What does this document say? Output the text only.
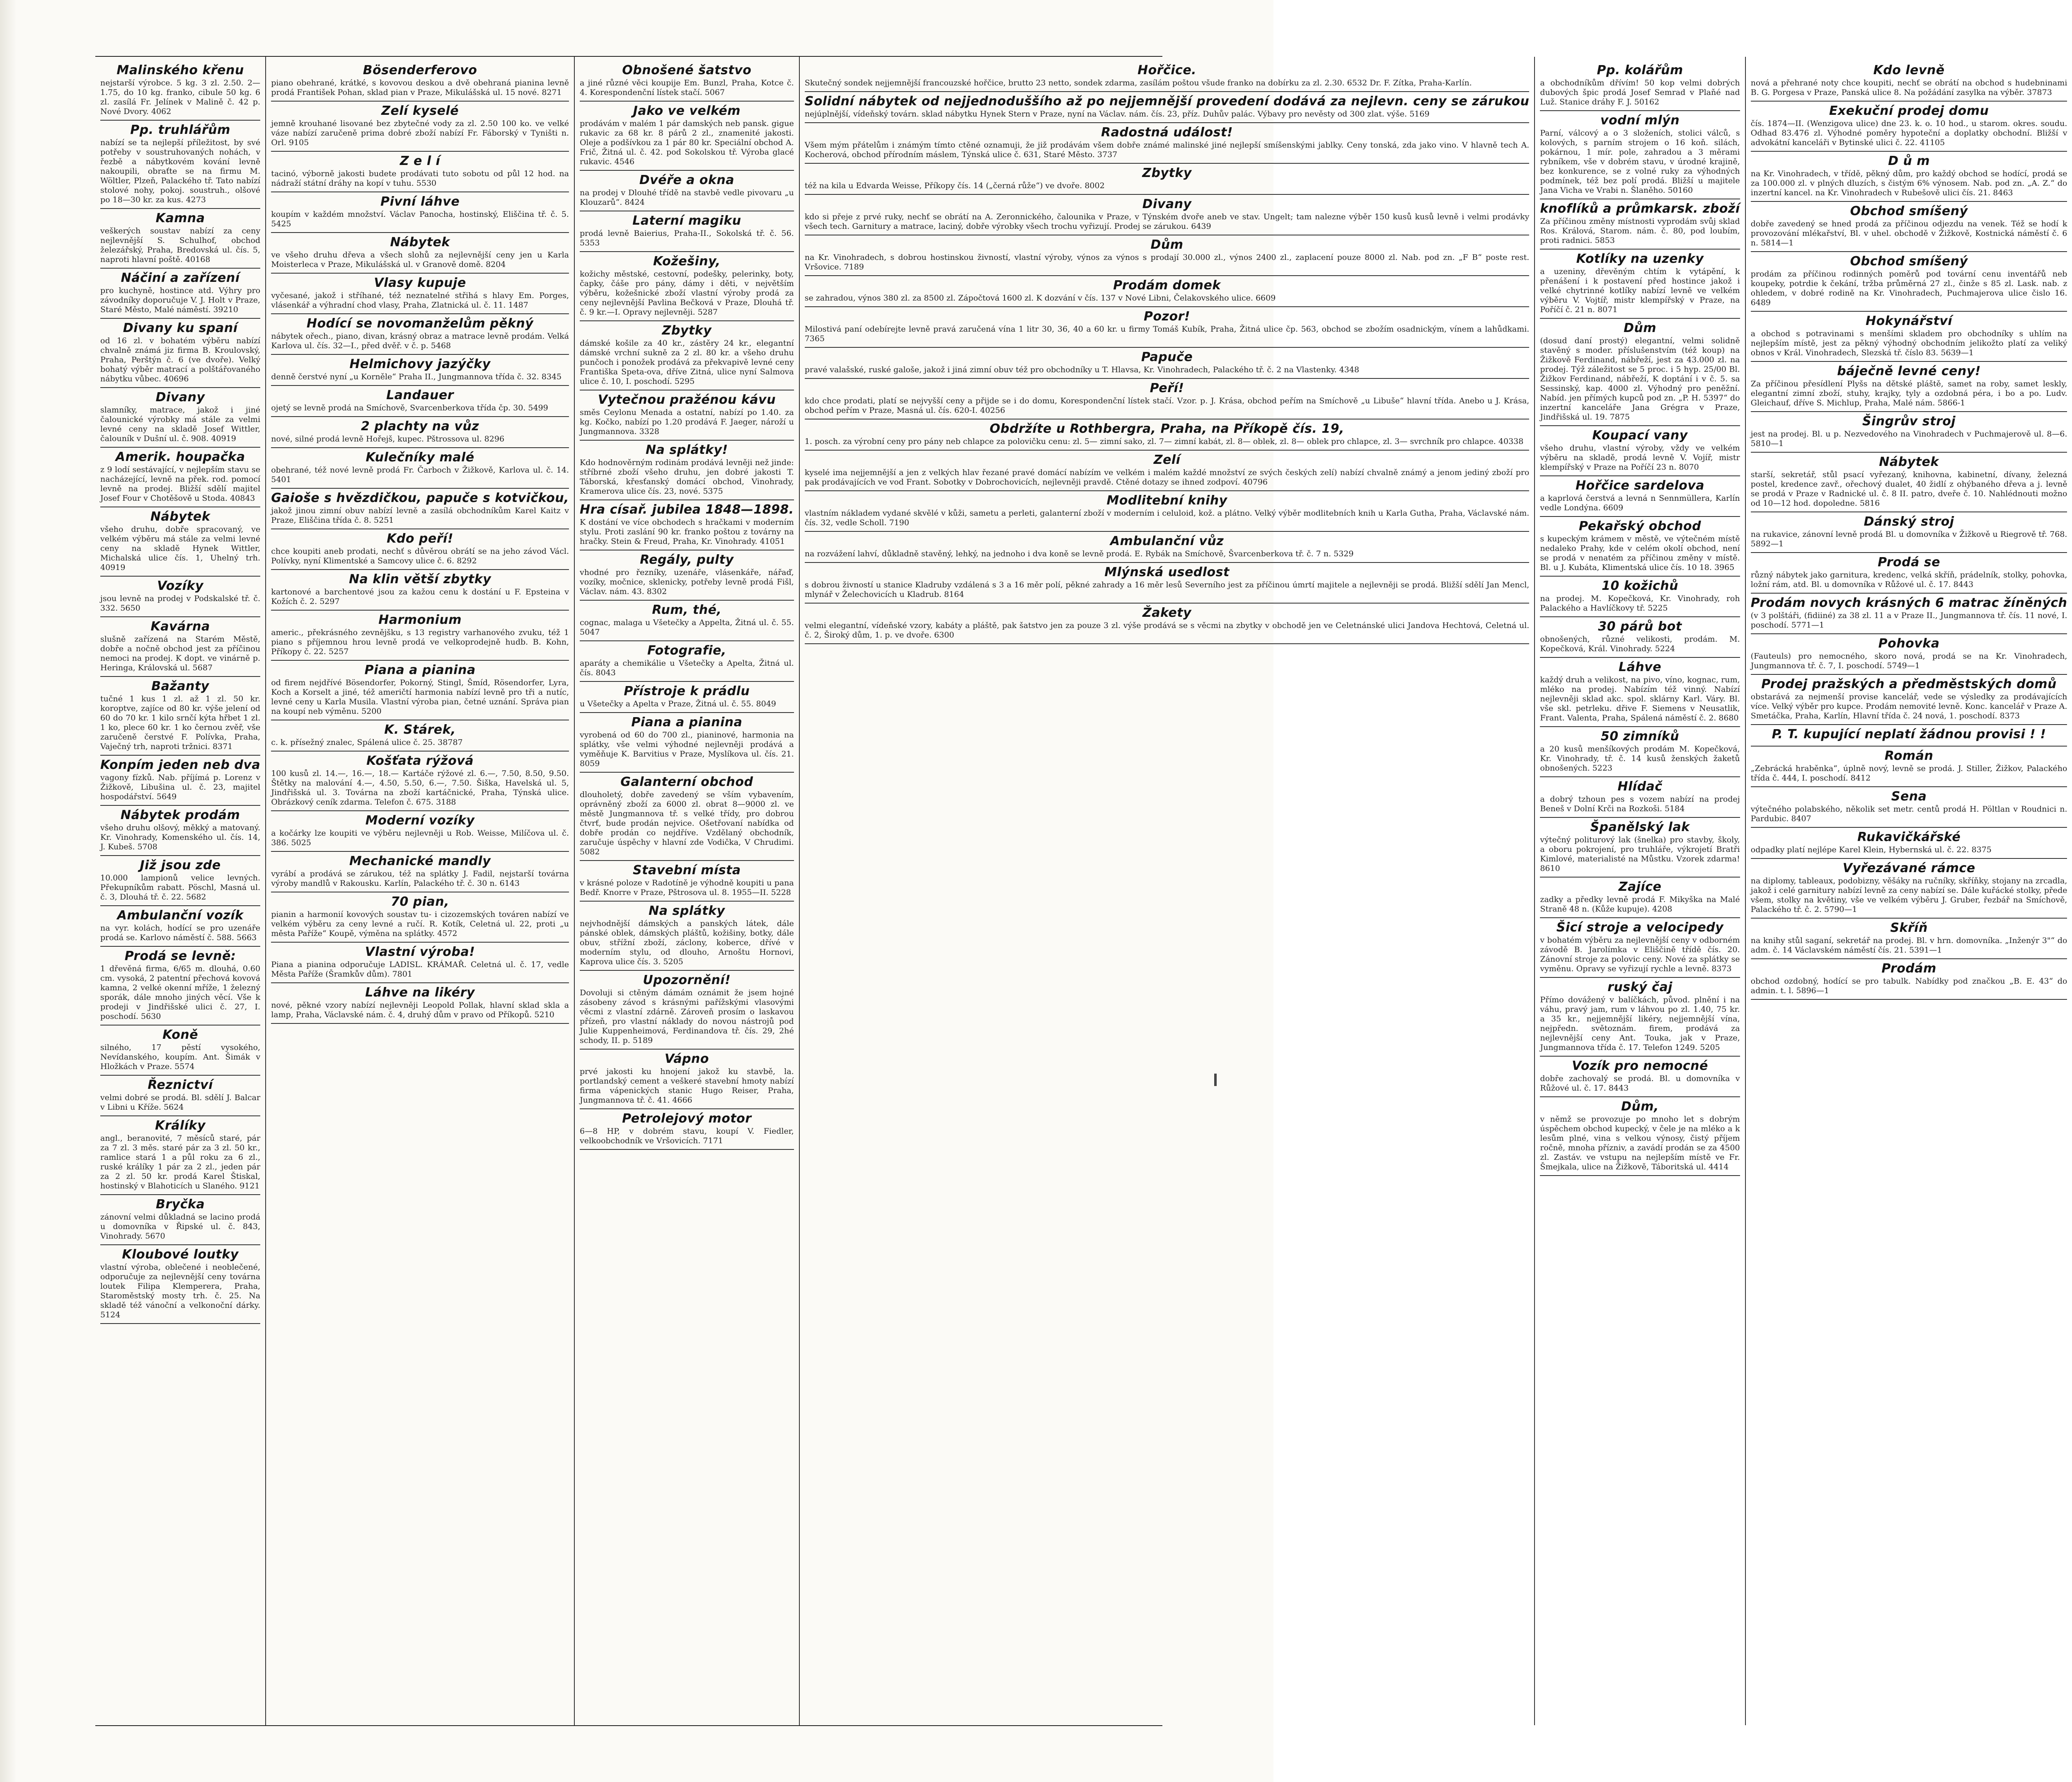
Malinského křenu
nejstarší výrobce. 5 kg. 3 zl. 2.50. 2— 1.75, do 10 kg. franko, cibule 50 kg. 6 zl. zasílá Fr. Jelínek v Malině č. 42 p. Nové Dvory. 4062
Pp. truhlářům
nabízí se ta nejlepší příležitost, by své potřeby v soustruhovaných nohách, v řezbě a nábytkovém kování levně nakoupili, obraťte se na firmu M. Wöltler, Plzeň, Palackého tř. Tato nabízí stolové nohy, pokoj. soustruh., olšové po 18—30 kr. za kus. 4273
Kamna
veškerých soustav nabízí za ceny nejlevnější S. Schulhof, obchod železářský, Praha, Bredovská ul. čís. 5, naproti hlavní poště. 40168
Náčiní a zařízení
pro kuchyně, hostince atd. Výhry pro závodníky doporučuje V. J. Holt v Praze, Staré Město, Malé náměstí. 39210
Divany ku spaní
od 16 zl. v bohatém výběru nabízí chvalně známá jiz firma B. Kroulovský, Praha, Perštýn č. 6 (ve dvoře). Velký bohatý výběr matrací a polštářovaného nábytku vůbec. 40696
Divany
slamníky, matrace, jakož i jiné čalounické výrobky má stále za velmi levné ceny na skladě Josef Wittler, čalouník v Dušní ul. č. 908. 40919
Amerik. houpačka
z 9 lodí sestávající, v nejlepším stavu se nacházející, levně na přek. rod. pomocí levně na prodej. Bližší sdělí majitel Josef Four v Chotěšově u Stoda. 40843
Nábytek
všeho druhu, dobře spracovaný, ve velkém výběru má stále za velmi levné ceny na skladě Hynek Wittler, Michalská ulice čís. 1, Uhelný trh. 40919
Vozíky
jsou levně na prodej v Podskalské tř. č. 332. 5650
Kavárna
slušně zařízená na Starém Městě, dobře a nočně obchod jest za příčinou nemoci na prodej. K dopt. ve vinárně p. Heringa, Královská ul. 5687
Bažanty
tučné 1 kus 1 zl. až 1 zl. 50 kr. koroptve, zajíce od 80 kr. výše jelení od 60 do 70 kr. 1 kilo srnčí kýta hřbet 1 zl. 1 ko, plece 60 kr. 1 ko černou zvěř, vše zaručeně čerstvé F. Polívka, Praha, Vaječný trh, naproti tržnici. 8371
Konpím jeden neb dva
vagony fízků. Nab. příjímá p. Lorenz v Žižkově, Libušina ul. č. 23, majitel hospodářství. 5649
Nábytek prodám
všeho druhu olšový, měkký a matovaný. Kr. Vinohrady, Komenského ul. čís. 14, J. Kubeš. 5708
Již jsou zde
10.000 lampionů velice levných. Překupníkům rabatt. Pöschl, Masná ul. č. 3, Dlouhá tř. č. 22. 5682
Ambulanční vozík
na vyr. kolách, hodící se pro uzenáře prodá se. Karlovo náměstí č. 588. 5663
Prodá se levně:
1 dřevěná firma, 6/65 m. dlouhá, 0.60 cm. vysoká, 2 patentní přechová kovová kamna, 2 velké okenní mříže, 1 železný sporák, dále mnoho jiných věcí. Vše k prodeji v Jindřišské ulici č. 27, I. poschodí. 5630
Koně
silného, 17 pěstí vysokého, Nevídanského, koupím. Ant. Šimák v Hložkách v Praze. 5574
Řeznictví
velmi dobré se prodá. Bl. sdělí J. Balcar v Libni u Kříže. 5624
Králíky
angl., beranovité, 7 měsíců staré, pár za 7 zl. 3 měs. staré pár za 3 zl. 50 kr., ramlice stará 1 a půl roku za 6 zl., ruské králíky 1 pár za 2 zl., jeden pár za 2 zl. 50 kr. prodá Karel Štiskal, hostinský v Blahoticích u Slaného. 9121
Bryčka
zánovní velmi důkladná se lacino prodá u domovníka v Řipské ul. č. 843, Vinohrady. 5670
Kloubové loutky
vlastní výroba, oblečené i neoblečené, odporučuje za nejlevnější ceny továrna loutek Filipa Klemperera, Praha, Staroměstský mosty trh. č. 25. Na skladě též vánoční a velkonoční dárky. 5124
Bösenderferovo
piano obehrané, krátké, s kovovou deskou a dvě obehraná pianina levně prodá František Pohan, sklad pian v Praze, Mikulášská ul. 15 nové. 8271
Zelí kyselé
jemně krouhané lisované bez zbytečné vody za zl. 2.50 100 ko. ve velké váze nabízí zaručeně prima dobré zboží nabízí Fr. Fáborský v Tyništi n. Orl. 9105
Z e l í
tacinó, výborně jakosti budete prodávati tuto sobotu od půl 12 hod. na nádraží státní dráhy na kopí v tuhu. 5530
Pivní láhve
koupím v každém množství. Václav Panocha, hostinský, Eliščina tř. č. 5. 5425
Nábytek
ve všeho druhu dřeva a všech slohů za nejlevnější ceny jen u Karla Moisterleca v Praze, Mikulášská ul. v Granově domě. 8204
Vlasy kupuje
vyčesané, jakož i stříhané, též neznatelné střihá s hlavy Em. Porges, vlásenkář a výhradní chod vlasy, Praha, Zlatnická ul. č. 11. 1487
Hodící se novomanželům pěkný
nábytek ořech., piano, divan, krásný obraz a matrace levně prodám. Velká Karlova ul. čís. 32—I., před dvěř. v č. p. 5468
Helmichovy jazýčky
denně čerstvé nyní „u Korněle“ Praha II., Jungmannova třída č. 32. 8345
Landauer
ojetý se levně prodá na Smíchově, Svarcenberkova třída čp. 30. 5499
2 plachty na vůz
nové, silné prodá levně Hořejš, kupec. Pštrossova ul. 8296
Kulečníky malé
obehrané, též nové levně prodá Fr. Čarboch v Žižkově, Karlova ul. č. 14. 5401
Gaioše s hvězdičkou, papuče s kotvičkou,
jakož jinou zimní obuv nabízí levně a zasílá obchodníkům Karel Kaitz v Praze, Eliščina třída č. 8. 5251
Kdo peří!
chce koupiti aneb prodati, nechť s důvěrou obrátí se na jeho závod Václ. Polívky, nyní Klimentské a Samcovy ulice č. 6. 8292
Na klin větší zbytky
kartonové a barchentové jsou za kažou cenu k dostání u F. Epsteina v Kožích č. 2. 5297
Harmonium
americ., překrásného zevnějšku, s 13 registry varhanového zvuku, též 1 piano s příjemnou hrou levně prodá ve velkoprodejně hudb. B. Kohn, Příkopy č. 22. 5257
Piana a pianina
od firem nejdřívé Bösendorfer, Pokorný, Stingl, Šmíd, Rösendorfer, Lyra, Koch a Korselt a jiné, též američtí harmonia nabízí levně pro tři a nutíc, levné ceny u Karla Musila. Vlastní výroba pian, četné uznání. Správa pian na koupí neb výměnu. 5200
K. Stárek,
c. k. přísežný znalec, Spálená ulice č. 25. 38787
Košťata rýžová
100 kusů zl. 14.—, 16.—, 18.— Kartáče rýžové zl. 6.—, 7.50, 8.50, 9.50. Štětky na malování 4.—, 4.50, 5.50, 6.—, 7.50. Šiška, Havelská ul. 5, Jindřišská ul. 3. Továrna na zboží kartáčnické, Praha, Týnská ulice. Obrázkový ceník zdarma. Telefon č. 675. 3188
Moderní vozíky
a kočárky lze koupiti ve výběru nejlevněji u Rob. Weisse, Milíčova ul. č. 386. 5025
Mechanické mandly
vyrábí a prodává se zárukou, též na splátky J. Fadil, nejstarší továrna výroby mandlů v Rakousku. Karlín, Palackého tř. č. 30 n. 6143
70 pian,
pianin a harmonií kovových soustav tu- i cizozemských továren nabízí ve velkém výběru za ceny levné a ručí. R. Kotík, Celetná ul. 22, proti „u města Paříže“ Koupě, výměna na splátky. 4572
Vlastní výroba!
Piana a pianina odporučuje LADISL. KRÁMAŘ. Celetná ul. č. 17, vedle Města Paříže (Šramkův dům). 7801
Láhve na likéry
nové, pěkné vzory nabízí nejlevněji Leopold Pollak, hlavní sklad skla a lamp, Praha, Václavské nám. č. 4, druhý dům v pravo od Příkopů. 5210
Obnošené šatstvo
a jiné různé věci koupije Em. Bunzl, Praha, Kotce č. 4. Korespondenční lístek stačí. 5067
Jako ve velkém
prodávám v malém 1 pár damských neb pansk. gigue rukavic za 68 kr. 8 párů 2 zl., znamenité jakosti. Oleje a podšívkou za 1 pár 80 kr. Speciální obchod A. Frič, Žitná ul. č. 42. pod Sokolskou tř. Výroba glacé rukavic. 4546
Dvéře a okna
na prodej v Dlouhé třídě na stavbě vedle pivovaru „u Klouzarů“. 8424
Laterní magiku
prodá levně Baierius, Praha-II., Sokolská tř. č. 56. 5353
Kožešiny,
kožichy městské, cestovní, podešky, pelerinky, boty, čapky, čáše pro pány, dámy i děti, v největším výběru, kožešnické zboží vlastní výroby prodá za ceny nejlevnější Pavlina Bečková v Praze, Dlouhá tř. č. 9 kr.—I. Opravy nejlevněji. 5287
Zbytky
dámské košile za 40 kr., zástěry 24 kr., elegantní dámské vrchní sukně za 2 zl. 80 kr. a všeho druhu punčoch i ponožek prodává za překvapivě levné ceny Františka Speta-ova, dříve Zitná, ulice nyní Salmova ulice č. 10, I. poschodí. 5295
Vytečnou pražénou kávu
směs Ceylonu Menada a ostatní, nabízí po 1.40. za kg. Kočko, nabízí po 1.20 prodává F. Jaeger, nároží u Jungmannova. 3328
Na splátky!
Kdo hodnověrným rodinám prodává levněji než jinde: stříbrné zboží všeho druhu, jen dobré jakosti T. Táborská, křesťanský domácí obchod, Vinohrady, Kramerova ulice čís. 23, nové. 5375
Hra císař. jubilea 1848—1898.
K dostání ve více obchodech s hračkami v moderním stylu. Proti zaslání 90 kr. franko poštou z továrny na hračky. Stein & Freud, Praha, Kr. Vinohrady. 41051
Regály, pulty
vhodné pro řezníky, uzenáře, vlásenkáře, nářaď, vozíky, močnice, sklenicky, potřeby levně prodá Fišl, Václav. nám. 43. 8302
Rum, thé,
cognac, malaga u Všetečky a Appelta, Žitná ul. č. 55. 5047
Fotografie,
aparáty a chemikálie u Všetečky a Apelta, Žitná ul. čís. 8043
Přístroje k prádlu
u Všetečky a Apelta v Praze, Žitná ul. č. 55. 8049
Piana a pianina
vyrobená od 60 do 700 zl., pianinové, harmonia na splátky, vše velmi výhodné nejlevněji prodává a vyměňuje K. Barvitius v Praze, Myslíkova ul. čís. 21. 8059
Galanterní obchod
dlouholetý, dobře zavedený se vším vybavením, oprávněný zboží za 6000 zl. obrat 8—9000 zl. ve městě Jungmannova tř. s velké třídy, pro dobrou čtvrť, bude prodán nejvice. Ošetřovaní nabídka od dobře prodán co nejdříve. Vzdělaný obchodník, zaručuje úspěchy v hlavní zde Vodička, V Chrudimi. 5082
Stavební místa
v krásné poloze v Radotíně je výhodně koupiti u pana Bedř. Knorre v Praze, Pštrosova ul. 8. 1955—II. 5228
Na splátky
nejvhodnější dámských a panských látek, dále pánské oblek, dámských pláštů, kožišiny, botky, dále obuv, střížní zboží, záclony, koberce, dřívé v moderním stylu, od dlouho, Arnoštu Hornovi, Kaprova ulice čís. 3. 5205
Upozornění!
Dovoluji si ctěným dámám oznámit že jsem hojné zásobeny závod s krásnými pařížskými vlasovými věcmi z vlastní zdárně. Zároveň prosím o laskavou přízeň, pro vlastní náklady do novou nástrojů pod Julie Kuppenheimová, Ferdinandova tř. čís. 29, 2hé schody, II. p. 5189
Vápno
prvé jakosti ku hnojení jakož ku stavbě, la. portlandský cement a veškeré stavební hmoty nabízí firma vápenických stanic Hugo Reiser, Praha, Jungmannova tř. č. 41. 4666
Petrolejový motor
6—8 HP, v dobrém stavu, koupí V. Fiedler, velkoobchodník ve Vršovicích. 7171
Hořčice.
Skutečný sondek nejjemnější francouzské hořčice, brutto 23 netto, sondek zdarma, zasílám poštou všude franko na dobírku za zl. 2.30. 6532 Dr. F. Zítka, Praha-Karlín.
Solidní nábytek od nejjednoduššího až po nejjemnější provedení dodává za nejlevn. ceny se zárukou
nejúplnější, vídeňský továrn. sklad nábytku Hynek Stern v Praze, nyní na Václav. nám. čís. 23, příz. Duhův palác. Výbavy pro nevěsty od 300 zlat. výše. 5169
Radostná událost!
Všem mým přátelům i známým tímto ctěné oznamuji, že již prodávám všem dobře známé malinské jiné nejlepší smíšenskými jablky. Ceny tonská, zda jako vino. V hlavně tech A. Kocherová, obchod přírodním máslem, Týnská ulice č. 631, Staré Město. 3737
Zbytky
též na kila u Edvarda Weisse, Příkopy čís. 14 („černá růže“) ve dvoře. 8002
Divany
kdo si přeje z prvé ruky, nechť se obrátí na A. Zeronnického, čalounika v Praze, v Týnském dvoře aneb ve stav. Ungelt; tam nalezne výběr 150 kusů kusů levně i velmi prodávky všech tech. Garnitury a matrace, laciný, dobře výrobky všech trochu vyřizují. Prodej se zárukou. 6439
Dům
na Kr. Vinohradech, s dobrou hostinskou živností, vlastní výroby, výnos za výnos s prodají 30.000 zl., výnos 2400 zl., zaplacení pouze 8000 zl. Nab. pod zn. „F B“ poste rest. Vršovice. 7189
Prodám domek
se zahradou, výnos 380 zl. za 8500 zl. Zápočtová 1600 zl. K dozvání v čís. 137 v Nové Libni, Čelakovského ulice. 6609
Pozor!
Milostivá paní odebírejte levně pravá zaručená vína 1 litr 30, 36, 40 a 60 kr. u firmy Tomáš Kubík, Praha, Žitná ulice čp. 563, obchod se zbožím osadnickým, vínem a lahůdkami. 7365
Papuče
pravé valašské, ruské galoše, jakož i jiná zimní obuv též pro obchodníky u T. Hlavsa, Kr. Vinohradech, Palackého tř. č. 2 na Vlastenky. 4348
Peří!
kdo chce prodati, platí se nejvyšší ceny a přijde se i do domu, Korespondenční lístek stačí. Vzor. p. J. Krása, obchod peřím na Smíchově „u Libuše“ hlavní třída. Anebo u J. Krása, obchod peřím v Praze, Masná ul. čís. 620-I. 40256
Obdržíte u Rothbergra, Praha, na Příkopě čís. 19,
1. posch. za výrobní ceny pro pány neb chlapce za polovičku cenu: zl. 5— zimní sako, zl. 7— zimní kabát, zl. 8— oblek, zl. 8— oblek pro chlapce, zl. 3— svrchník pro chlapce. 40338
Zelí
kyselé ima nejjemnější a jen z velkých hlav řezané pravé domácí nabízím ve velkém i malém každé množství ze svých českých zelí) nabízí chvalně známý a jenom jediný zboží pro pak prodávajících ve vod Frant. Sobotky v Dobrochovicích, nejlevněji pravdě. Ctěné dotazy se ihned zodpoví. 40796
Modlitební knihy
vlastním nákladem vydané skvělé v kůži, sametu a perleti, galanterní zboží v moderním i celuloid, kož. a plátno. Velký výběr modlitebních knih u Karla Gutha, Praha, Václavské nám. čís. 32, vedle Scholl. 7190
Ambulanční vůz
na rozvážení lahví, důkladně stavěný, lehký, na jednoho i dva koně se levně prodá. E. Rybák na Smíchově, Švarcenberkova tř. č. 7 n. 5329
Mlýnská usedlost
s dobrou živností u stanice Kladruby vzdálená s 3 a 16 měr polí, pěkné zahrady a 16 měr lesů Severního jest za příčinou úmrtí majitele a nejlevněji se prodá. Bližší sdělí Jan Mencl, mlynář v Želechovicích u Kladrub. 8164
Žakety
velmi elegantní, vídeňské vzory, kabáty a pláště, pak šatstvo jen za pouze 3 zl. výše prodává se s věcmi na zbytky v obchodě jen ve Celetnánské ulici Jandova Hechtová, Celetná ul. č. 2, Široký dům, 1. p. ve dvoře. 6300
Pp. kolářům
a obchodníkům dřívím! 50 kop velmi dobrých dubových špic prodá Josef Semrad v Plaňé nad Luž. Stanice dráhy F. J. 50162
vodní mlýn
Parní, válcový a o 3 složeních, stolici válců, s kolových, s parním strojem o 16 koň. silách, pokárnou, 1 mír. pole, zahradou a 3 měrami rybníkem, vše v dobrém stavu, v úrodné krajině, bez konkurence, se z volné ruky za výhodných podmínek, též bez polí prodá. Bližší u majitele Jana Vicha ve Vrabi n. Šlaněho. 50160
knoflíků a průmkarsk. zboží
Za příčinou změny místnosti vyprodám svůj sklad Ros. Králová, Starom. nám. č. 80, pod loubím, proti radnici. 5853
Kotlíky na uzenky
a uzeniny, dřevěným chtím k vytápění, k přenášení i k postavení před hostince jakož i velké chytrinné kotlíky nabízí levně ve velkém výběru V. Vojtíř, mistr klempířský v Praze, na Poříčí č. 21 n. 8071
Dům
(dosud daní prostý) elegantní, velmi solidně stavěný s moder. příslušenstvím (též koup) na Žižkově Ferdinand, nábřeží, jest za 43.000 zl. na prodej. Týž záležitost se 5 proc. i 5 hyp. 25/00 Bl. Žižkov Ferdinand, nábřeží, K doptání i v č. 5. sa Sessinský, kap. 4000 zl. Výhodný pro peněžní. Nabíd. jen přímých kupců pod zn. „P. H. 5397“ do inzertní kanceláře Jana Grégra v Praze, Jindřišská ul. 19. 7875
Koupací vany
všeho druhu, vlastní výroby, vždy ve velkém výběru na skladě, prodá levně V. Vojíř, mistr klempířský v Praze na Poříčí 23 n. 8070
Hořčice sardelova
a kaprlová čerstvá a levná n Sennmüllera, Karlín vedle Londýna. 6609
Pekařský obchod
s kupeckým krámem v městě, ve výtečném místě nedaleko Prahy, kde v celém okolí obchod, není se prodá v nenatém za příčinou změny v místě. Bl. u J. Kubáta, Klimentská ulice čís. 10 18. 3965
10 kožichů
na prodej. M. Kopečková, Kr. Vinohrady, roh Palackého a Havlíčkovy tř. 5225
30 párů bot
obnošených, různé velikosti, prodám. M. Kopečková, Král. Vinohrady. 5224
Láhve
každý druh a velikost, na pivo, víno, kognac, rum, mléko na prodej. Nabízím též vinný. Nabízí nejlevněji sklad akc. spol. sklárny Karl. Váry. Bl. vše skl. petrleku. dřive F. Siemens v Neusatlik, Frant. Valenta, Praha, Spálená náměstí č. 2. 8680
50 zimníků
a 20 kusů menšíkových prodám M. Kopečková, Kr. Vinohrady, tř. č. 14 kusů ženských žaketů obnošených. 5223
Hlídač
a dobrý tzhoun pes s vozem nabízí na prodej Beneš v Dolní Krči na Rozkoši. 5184
Španělský lak
výtečný politurový lak (šnelka) pro stavby, školy, a oboru pokrojení, pro truhláře, výkrojetí Bratři Kimlové, materialisté na Můstku. Vzorek zdarma! 8610
Zajíce
zadky a předky levně prodá F. Mikyška na Malé Straně 48 n. (Kůže kupuje). 4208
Šicí stroje a velocipedy
v bohatém výběru za nejlevnější ceny v odborném závodě B. Jarolímka v Eliščině třídě čís. 20. Zánovní stroje za polovic ceny. Nové za splátky se vyměnu. Opravy se vyřizují rychle a levně. 8373
ruský čaj
Přímo dovážený v balíčkách, původ. plnění i na váhu, pravý jam, rum v láhvou po zl. 1.40, 75 kr. a 35 kr., nejjemnější likéry, nejjemnější vína, nejpředn. světoznám. firem, prodává za nejlevnější ceny Ant. Touka, jak v Praze, Jungmannova třída č. 17. Telefon 1249. 5205
Vozík pro nemocné
dobře zachovalý se prodá. Bl. u domovníka v Růžové ul. č. 17. 8443
Dům,
v němž se provozuje po mnoho let s dobrým úspěchem obchod kupecký, v čele je na mléko a k lesům plné, vina s velkou výnosy, čistý příjem ročně, mnoha přízniv, a zavádí prodán se za 4500 zl. Zastáv. ve vstupu na nejlepším místě ve Fr. Šmejkala, ulice na Žižkově, Táboritská ul. 4414
Kdo levně
nová a přehrané noty chce koupiti, nechť se obrátí na obchod s hudebninami B. G. Porgesa v Praze, Panská ulice 8. Na požádání zasylka na výběr. 37873
Exekuční prodej domu
čís. 1874—II. (Wenzigova ulice) dne 23. k. o. 10 hod., u starom. okres. soudu. Odhad 83.476 zl. Výhodné poměry hypoteční a doplatky obchodní. Bližší v advokátní kanceláři v Bytinské ulici č. 22. 41105
D ů m
na Kr. Vinohradech, v třídě, pěkný dům, pro každý obchod se hodící, prodá se za 100.000 zl. v plných dluzích, s čistým 6% výnosem. Nab. pod zn. „A. Z.“ do inzertní kancel. na Kr. Vinohradech v Rubešově ulici čís. 21. 8463
Obchod smíšený
dobře zavedený se hned prodá za příčinou odjezdu na venek. Též se hodí k provozování mlékařství, Bl. v uhel. obchodě v Žižkově, Kostnická náměstí č. 6 n. 5814—1
Obchod smíšený
prodám za příčinou rodinných poměrů pod tovární cenu inventářů neb koupeky, potrdie k čekání, tržba průměrná 27 zl., činže s 85 zl. Lask. nab. z ohledem, v dobré rodině na Kr. Vinohradech, Puchmajerova ulice čislo 16. 6489
Hokynářství
a obchod s potravinami s menšími skladem pro obchodníky s uhlím na nejlepším místě, jest za pěkný výhodný obchodním jelikožto platí za veliký obnos v Král. Vinohradech, Slezská tř. číslo 83. 5639—1
báječně levné ceny!
Za příčinou přesídlení Plyšs na dětské pláště, samet na roby, samet leskly, elegantní zimní zboží, stuhy, krajky, tyly a ozdobná péra, i bo a po. Ludv. Gleichauf, dříve S. Michlup, Praha, Malé nám. 5866-1
Šingrův stroj
jest na prodej. Bl. u p. Nezvedového na Vinohradech v Puchmajerově ul. 8—6. 5810—1
Nábytek
starší, sekretář, stůl psací vyřezaný, knihovna, kabinetní, dívany, železná postel, kredence zavř., ořechový dualet, 40 židlí z ohýbaného dřeva a j. levně se prodá v Praze v Radnické ul. č. 8 II. patro, dveře č. 10. Nahlédnouti možno od 10—12 hod. dopoledne. 5816
Dánský stroj
na rukavice, zánovní levně prodá Bl. u domovníka v Žižkově u Riegrově tř. 768. 5892—1
Prodá se
různý nábytek jako garnitura, kredenc, velká skříň, prádelník, stolky, pohovka, ložní rám, atd. Bl. u domovníka v Růžové ul. č. 17. 8443
Prodám novych krásných 6 matrac žíněných
(v 3 polštáři, (fidiiné) za 38 zl. 11 a v Praze II., Jungmannova tř. čís. 11 nové, I. poschodí. 5771—1
Pohovka
(Fauteuls) pro nemocného, skoro nová, prodá se na Kr. Vinohradech, Jungmannova tř. č. 7, I. poschodí. 5749—1
Prodej pražských a předměstských domů
obstarává za nejmenší provise kancelář, vede se výsledky za prodávajících více. Velký výběr pro kupce. Prodám nemovité levně. Konc. kancelář v Praze A. Smetáčka, Praha, Karlín, Hlavní třída č. 24 nová, 1. poschodí. 8373
P. T. kupující neplatí žádnou provisi ! !
Román
„Zebrácká hraběnka“, úplně nový, levně se prodá. J. Stiller, Žižkov, Palackého třída č. 444, I. poschodí. 8412
Sena
výtečného polabského, několik set metr. centů prodá H. Pöltlan v Roudnici n. Pardubic. 8407
Rukavičkářské
odpadky platí nejlépe Karel Klein, Hybernská ul. č. 22. 8375
Vyřezávané rámce
na diplomy, tableaux, podobizny, věšáky na ručníky, skříňky, stojany na zrcadla, jakož i celé garnitury nabízí levně za ceny nabízí se. Dále kuřácké stolky, přede všem, stolky na květiny, vše ve velkém výběru J. Gruber, řezbář na Smíchově, Palackého tř. č. 2. 5790—1
Skříň
na knihy stůl saganí, sekretář na prodej. Bl. v hrn. domovníka. „Inženýr 3"“ do adm. č. 14 Václavském náměstí čís. 21. 5391—1
Prodám
obchod ozdobný, hodící se pro tabulk. Nabídky pod značkou „B. E. 43“ do admin. t. l. 5896—1
